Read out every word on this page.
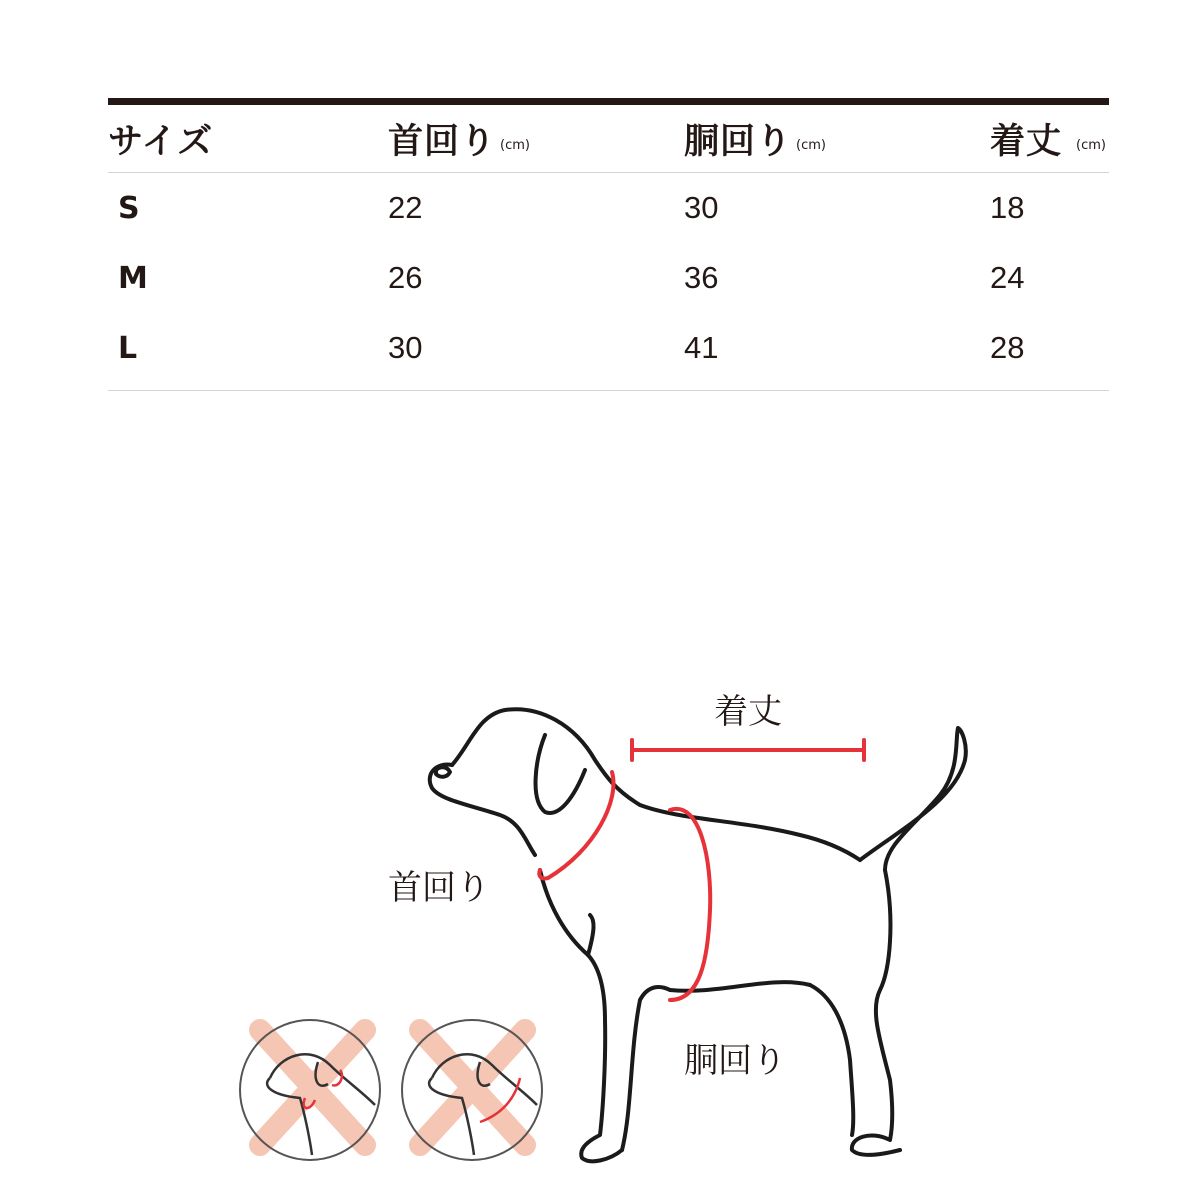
サイズ	首回り (cm)	胴回り (cm)	着丈 (cm)
S	22	30	18
M	26	36	24
L	30	41	28
着丈
首回り
胴回り
